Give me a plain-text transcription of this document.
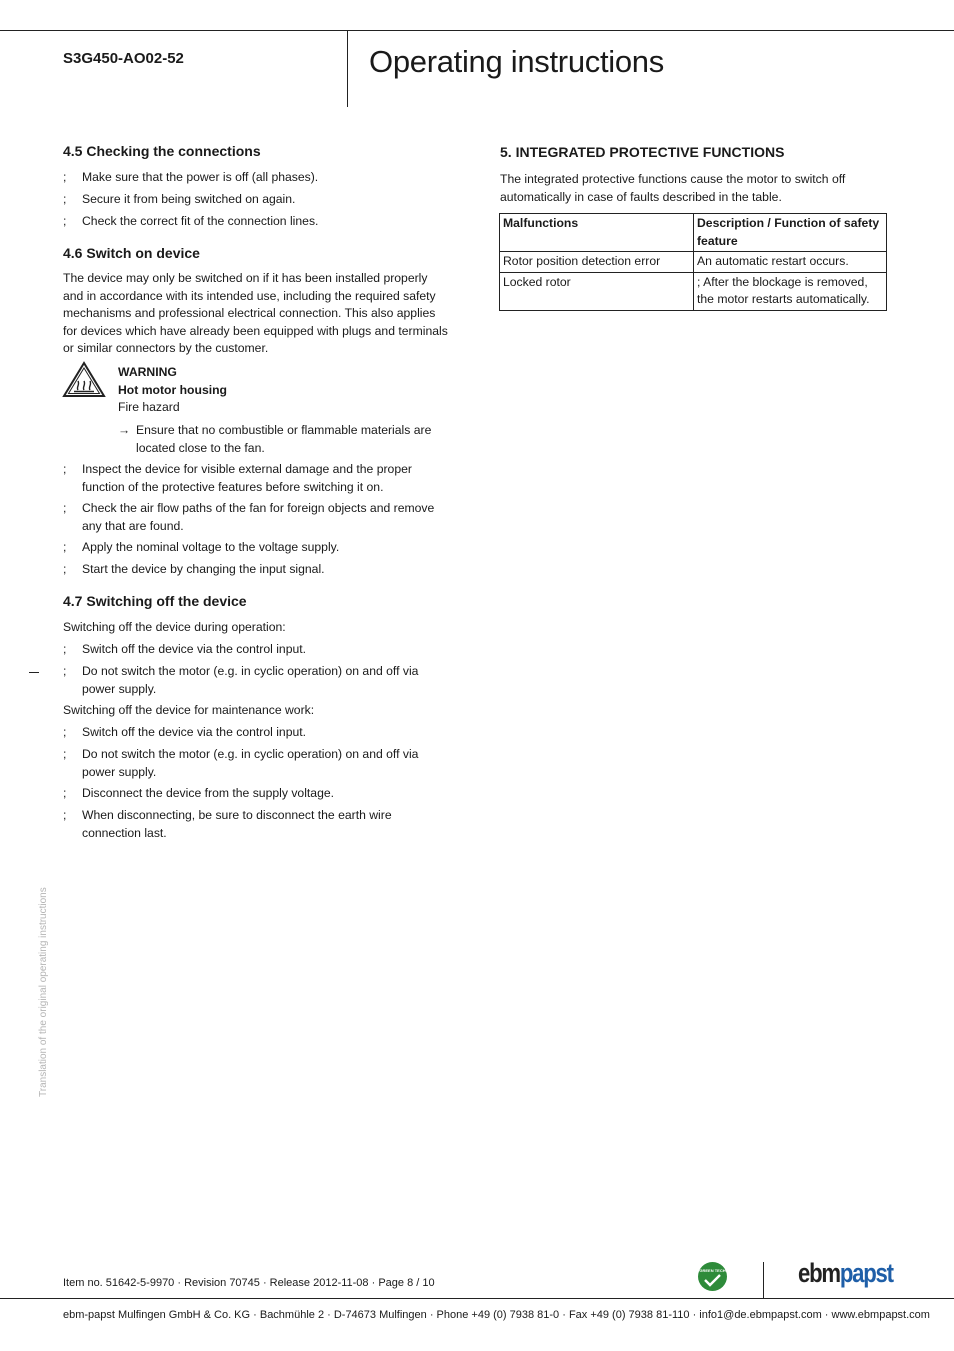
S3G450-AO02-52	Operating instructions
4.5 Checking the connections
; Make sure that the power is off (all phases).
; Secure it from being switched on again.
; Check the correct fit of the connection lines.
4.6 Switch on device
The device may only be switched on if it has been installed properly and in accordance with its intended use, including the required safety mechanisms and professional electrical connection. This also applies for devices which have already been equipped with plugs and terminals or similar connectors by the customer.
WARNING
Hot motor housing
Fire hazard
→ Ensure that no combustible or flammable materials are located close to the fan.
; Inspect the device for visible external damage and the proper function of the protective features before switching it on.
; Check the air flow paths of the fan for foreign objects and remove any that are found.
; Apply the nominal voltage to the voltage supply.
; Start the device by changing the input signal.
4.7 Switching off the device
Switching off the device during operation:
; Switch off the device via the control input.
; Do not switch the motor (e.g. in cyclic operation) on and off via power supply.
Switching off the device for maintenance work:
; Switch off the device via the control input.
; Do not switch the motor (e.g. in cyclic operation) on and off via power supply.
; Disconnect the device from the supply voltage.
; When disconnecting, be sure to disconnect the earth wire connection last.
5. INTEGRATED PROTECTIVE FUNCTIONS
The integrated protective functions cause the motor to switch off automatically in case of faults described in the table.
Malfunctions	Description / Function of safety feature
Rotor position detection error	An automatic restart occurs.
Locked rotor	; After the blockage is removed, the motor restarts automatically.
Translation of the original operating instructions
Item no. 51642-5-9970 · Revision 70745 · Release 2012-11-08 · Page 8 / 10
GREEN TECH	ebmpapst
ebm-papst Mulfingen GmbH & Co. KG · Bachmühle 2 · D-74673 Mulfingen · Phone +49 (0) 7938 81-0 · Fax +49 (0) 7938 81-110 · info1@de.ebmpapst.com · www.ebmpapst.com
